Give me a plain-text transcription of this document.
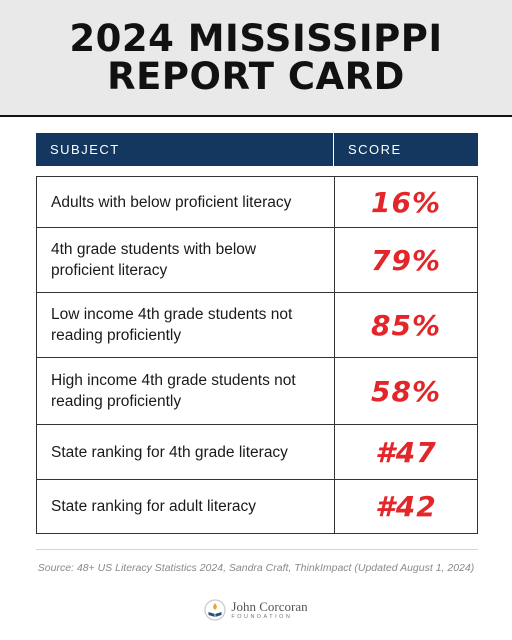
2024 MISSISSIPPI
REPORT CARD
SUBJECT	SCORE
Adults with below proficient literacy	16%
4th grade students with below proficient literacy	79%
Low income 4th grade students not reading proficiently	85%
High income 4th grade students not reading proficiently	58%
State ranking for 4th grade literacy	#47
State ranking for adult literacy	#42
Source: 48+ US Literacy Statistics 2024, Sandra Craft, ThinkImpact (Updated August 1, 2024)
John Corcoran
FOUNDATION
